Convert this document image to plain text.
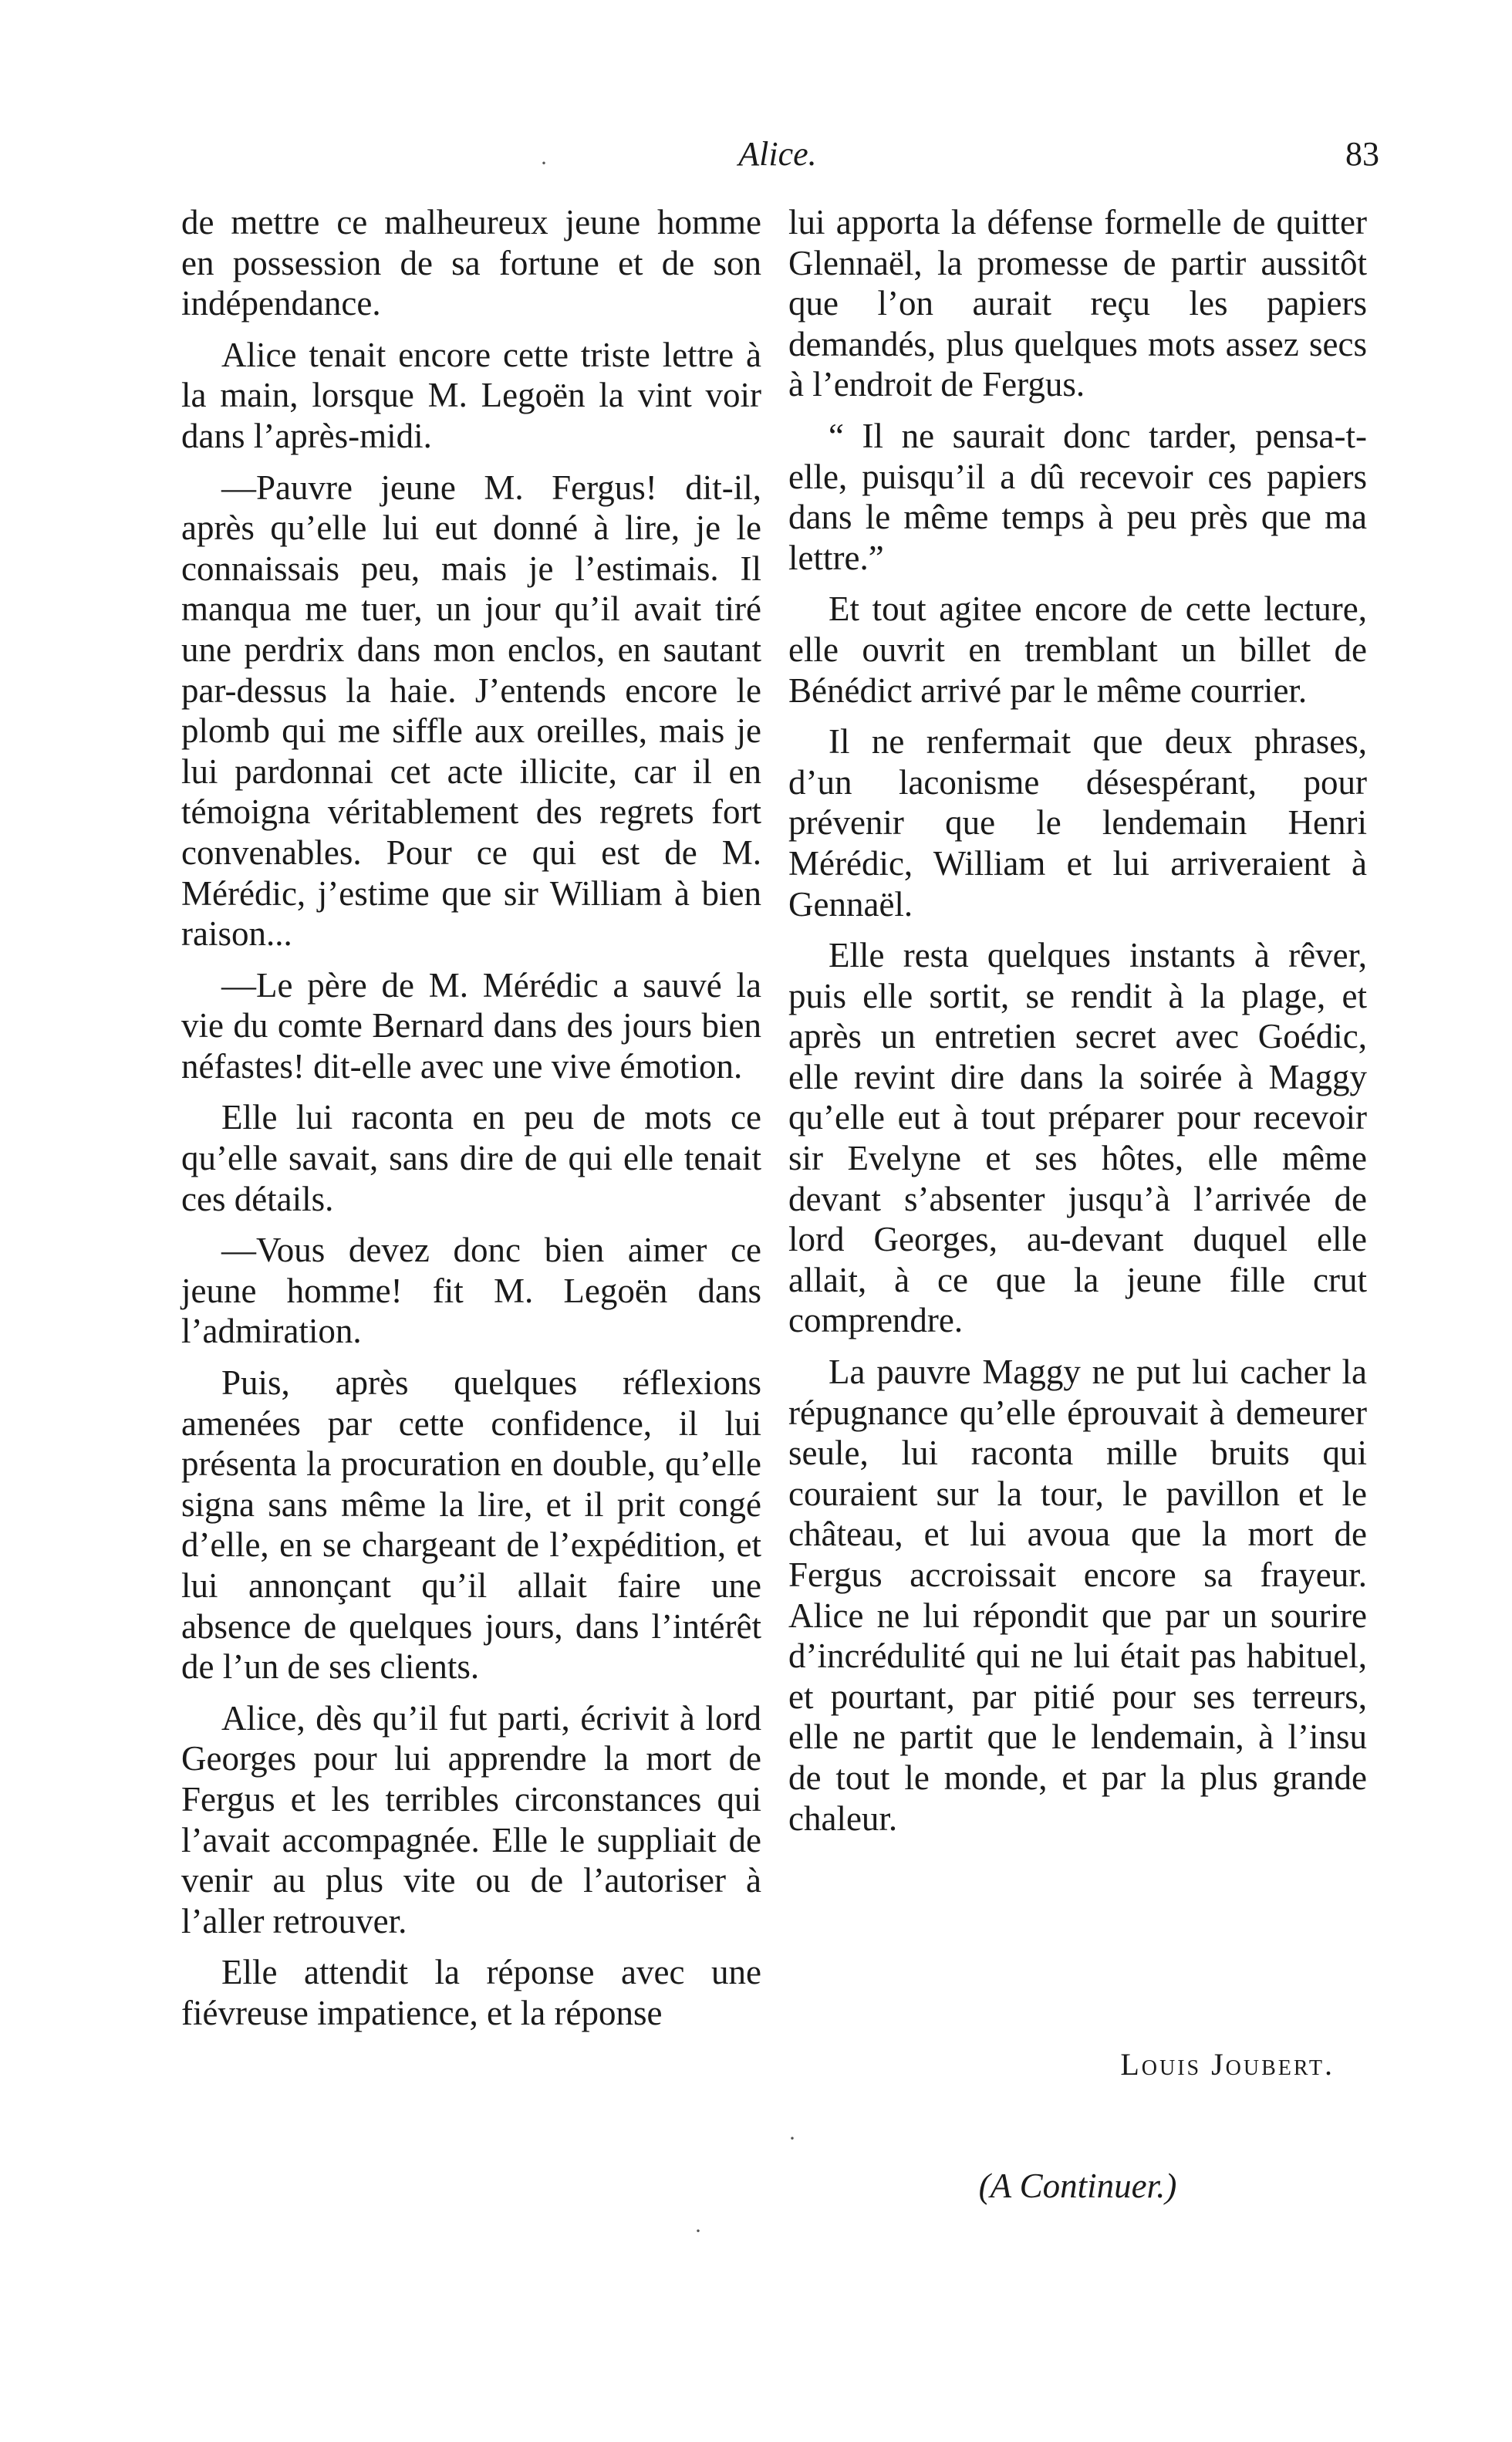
Alice.	83

de mettre ce malheureux jeune homme en possession de sa fortune et de son indépendance.

Alice tenait encore cette triste lettre à la main, lorsque M. Legoën la vint voir dans l’après-midi.

—Pauvre jeune M. Fergus! dit-il, après qu’elle lui eut donné à lire, je le connaissais peu, mais je l’estimais. Il manqua me tuer, un jour qu’il avait tiré une perdrix dans mon enclos, en sautant par-dessus la haie. J’entends encore le plomb qui me siffle aux oreilles, mais je lui pardonnai cet acte illicite, car il en témoigna véritablement des regrets fort convenables. Pour ce qui est de M. Mérédic, j’estime que sir William à bien raison...

—Le père de M. Mérédic a sauvé la vie du comte Bernard dans des jours bien néfastes! dit-elle avec une vive émotion.

Elle lui raconta en peu de mots ce qu’elle savait, sans dire de qui elle tenait ces détails.

—Vous devez donc bien aimer ce jeune homme! fit M. Legoën dans l’admiration.

Puis, après quelques réflexions amenées par cette confidence, il lui présenta la procuration en double, qu’elle signa sans même la lire, et il prit congé d’elle, en se chargeant de l’expédition, et lui annonçant qu’il allait faire une absence de quelques jours, dans l’intérêt de l’un de ses clients.

Alice, dès qu’il fut parti, écrivit à lord Georges pour lui apprendre la mort de Fergus et les terribles circonstances qui l’avait accompagnée. Elle le suppliait de venir au plus vite ou de l’autoriser à l’aller retrouver.

Elle attendit la réponse avec une fiévreuse impatience, et la réponse

lui apporta la défense formelle de quitter Glennaël, la promesse de partir aussitôt que l’on aurait reçu les papiers demandés, plus quelques mots assez secs à l’endroit de Fergus.

“ Il ne saurait donc tarder, pensa-t-elle, puisqu’il a dû recevoir ces papiers dans le même temps à peu près que ma lettre.”

Et tout agitee encore de cette lecture, elle ouvrit en tremblant un billet de Bénédict arrivé par le même courrier.

Il ne renfermait que deux phrases, d’un laconisme désespérant, pour prévenir que le lendemain Henri Mérédic, William et lui arriveraient à Gennaël.

Elle resta quelques instants à rêver, puis elle sortit, se rendit à la plage, et après un entretien secret avec Goédic, elle revint dire dans la soirée à Maggy qu’elle eut à tout préparer pour recevoir sir Evelyne et ses hôtes, elle même devant s’absenter jusqu’à l’arrivée de lord Georges, au-devant duquel elle allait, à ce que la jeune fille crut comprendre.

La pauvre Maggy ne put lui cacher la répugnance qu’elle éprouvait à demeurer seule, lui raconta mille bruits qui couraient sur la tour, le pavillon et le château, et lui avoua que la mort de Fergus accroissait encore sa frayeur. Alice ne lui répondit que par un sourire d’incrédulité qui ne lui était pas habituel, et pourtant, par pitié pour ses terreurs, elle ne partit que le lendemain, à l’insu de tout le monde, et par la plus grande chaleur.

Louis Joubert.
(A Continuer.)
·
·
·
